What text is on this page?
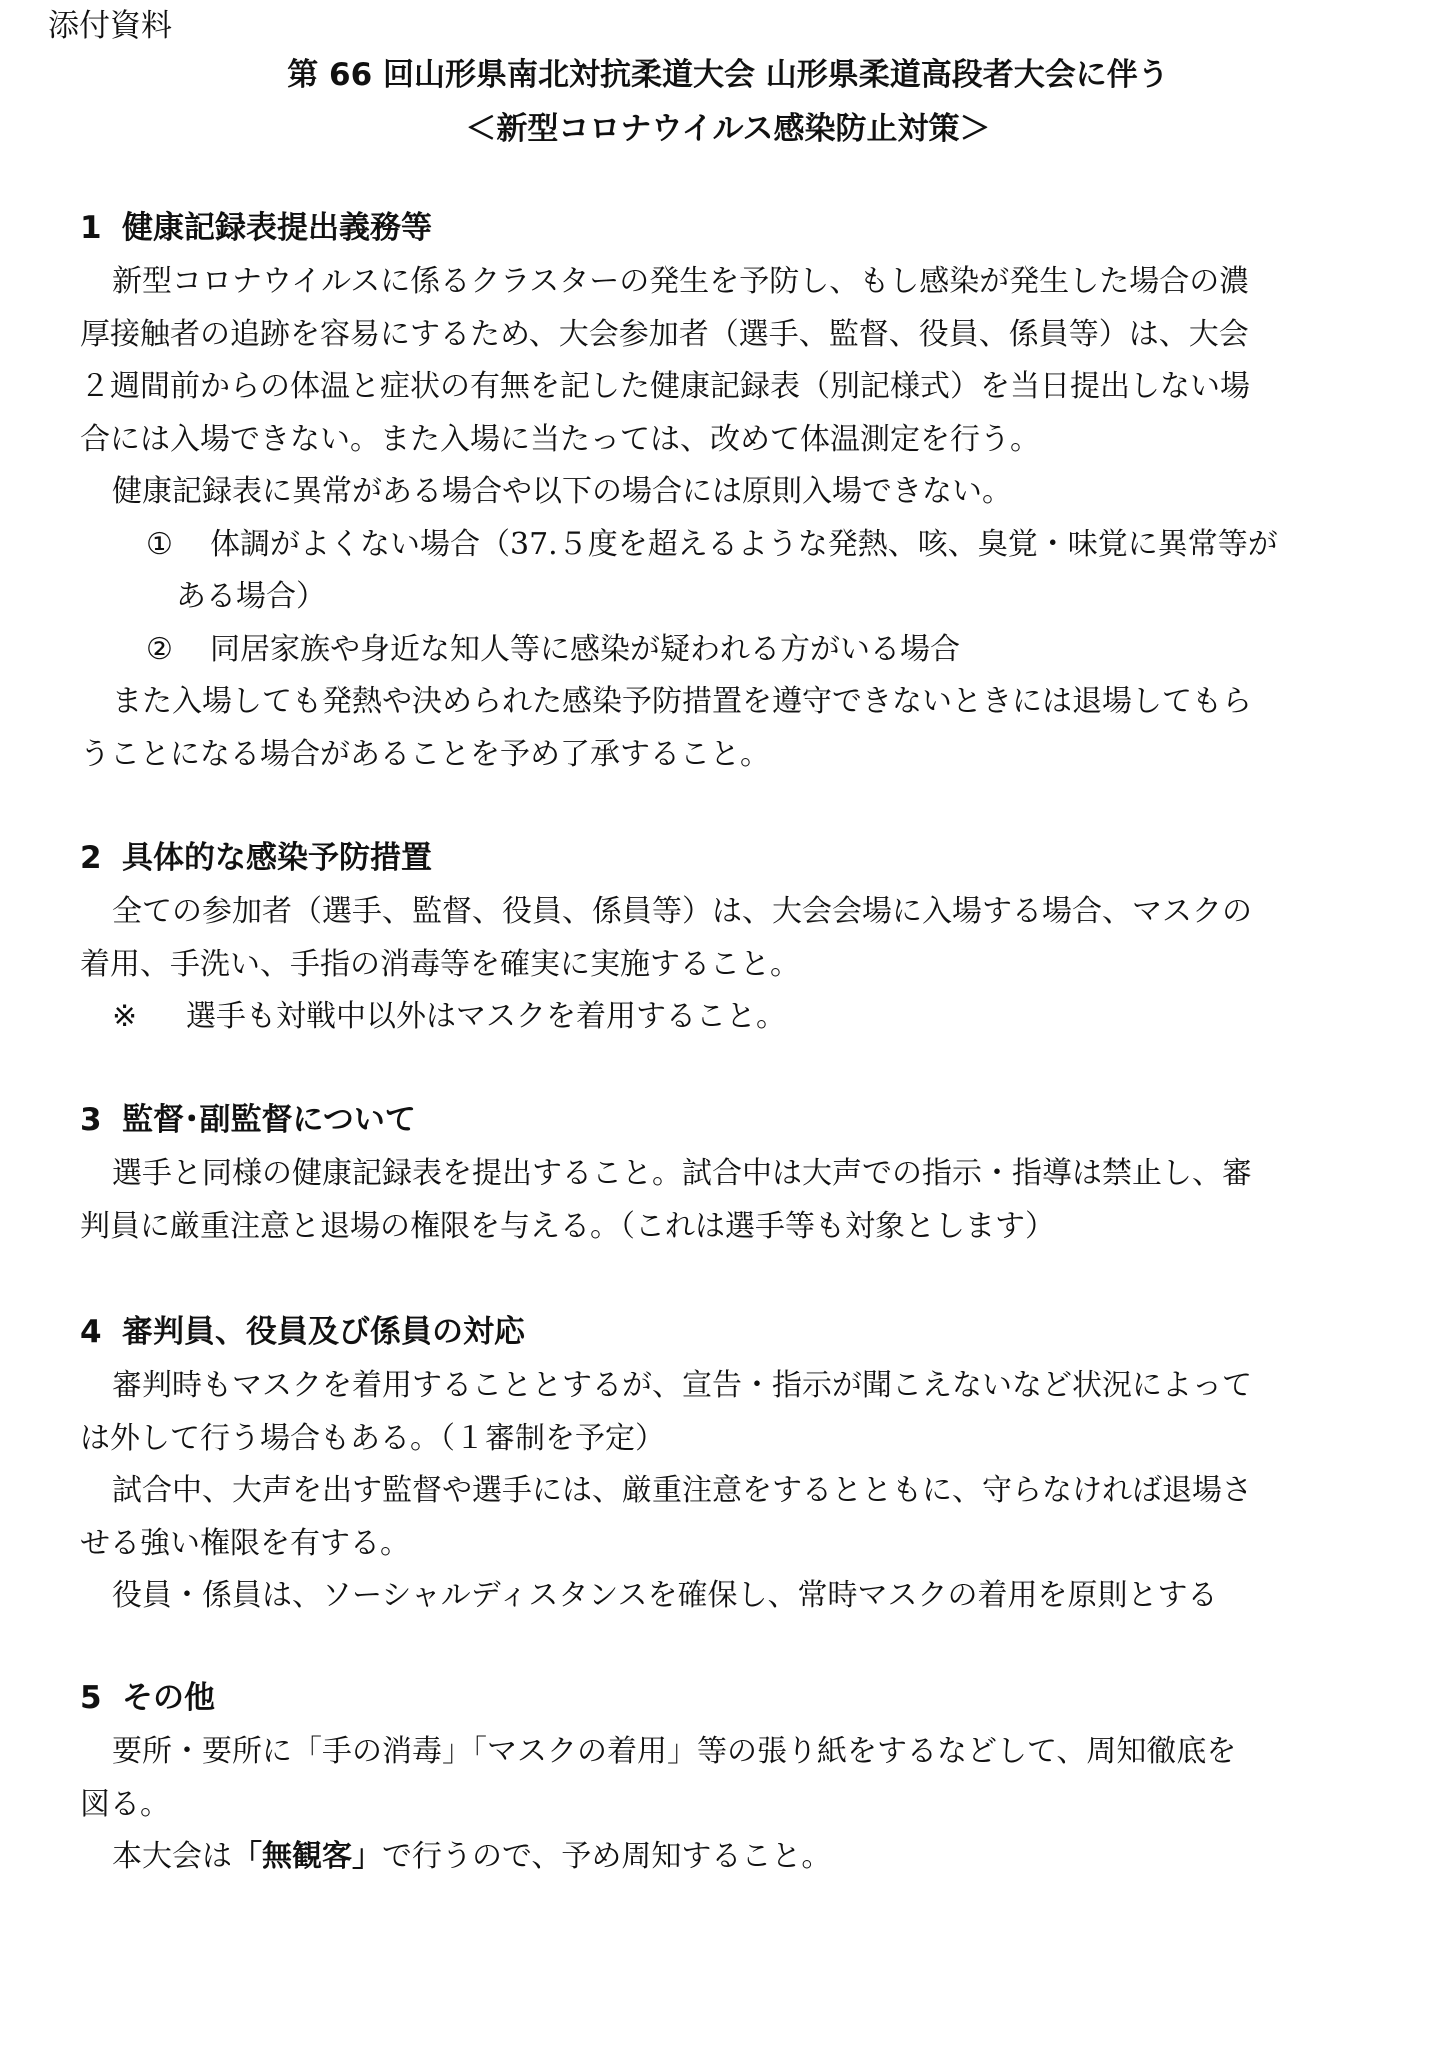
添付資料
第 66 回山形県南北対抗柔道大会 山形県柔道高段者大会に伴う
＜新型コロナウイルス感染防止対策＞
1 健康記録表提出義務等
新型コロナウイルスに係るクラスターの発生を予防し、もし感染が発生した場合の濃
厚接触者の追跡を容易にするため、大会参加者（選手、監督、役員、係員等）は、大会
２週間前からの体温と症状の有無を記した健康記録表（別記様式）を当日提出しない場
合には入場できない。また入場に当たっては、改めて体温測定を行う。
健康記録表に異常がある場合や以下の場合には原則入場できない。
① 体調がよくない場合（37.５度を超えるような発熱、咳、臭覚・味覚に異常等が
ある場合）
② 同居家族や身近な知人等に感染が疑われる方がいる場合
また入場しても発熱や決められた感染予防措置を遵守できないときには退場してもら
うことになる場合があることを予め了承すること。
2 具体的な感染予防措置
全ての参加者（選手、監督、役員、係員等）は、大会会場に入場する場合、マスクの
着用、手洗い、手指の消毒等を確実に実施すること。
※ 選手も対戦中以外はマスクを着用すること。
3 監督･副監督について
選手と同様の健康記録表を提出すること。試合中は大声での指示・指導は禁止し、審
判員に厳重注意と退場の権限を与える。（これは選手等も対象とします）
4 審判員、役員及び係員の対応
審判時もマスクを着用することとするが、宣告・指示が聞こえないなど状況によって
は外して行う場合もある。（１審制を予定）
試合中、大声を出す監督や選手には、厳重注意をするとともに、守らなければ退場さ
せる強い権限を有する。
役員・係員は、ソーシャルディスタンスを確保し、常時マスクの着用を原則とする
5 その他
要所・要所に「手の消毒」「マスクの着用」等の張り紙をするなどして、周知徹底を
図る。
本大会は「無観客」で行うので、予め周知すること。
